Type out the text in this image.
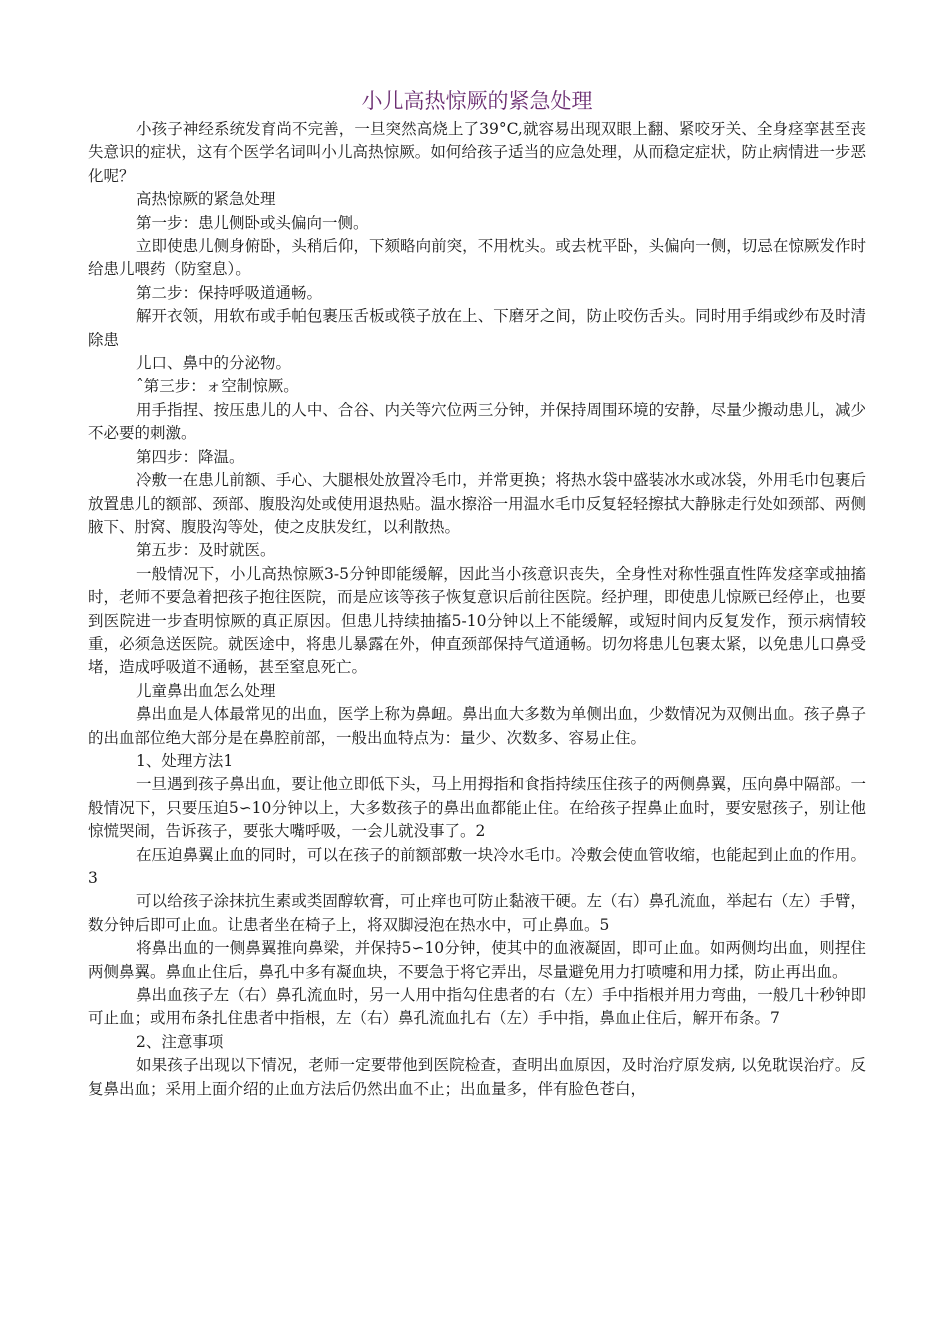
小儿高热惊厥的紧急处理

小孩子神经系统发育尚不完善，一旦突然高烧上了39°C,就容易出现双眼上翻、紧咬牙关、全身痉挛甚至丧失意识的症状，这有个医学名词叫小儿高热惊厥。如何给孩子适当的应急处理，从而稳定症状，防止病情进一步恶化呢？

高热惊厥的紧急处理

第一步：患儿侧卧或头偏向一侧。

立即使患儿侧身俯卧，头稍后仰，下颏略向前突，不用枕头。或去枕平卧，头偏向一侧，切忌在惊厥发作时给患儿喂药（防窒息）。

第二步：保持呼吸道通畅。

解开衣领，用软布或手帕包裹压舌板或筷子放在上、下磨牙之间，防止咬伤舌头。同时用手绢或纱布及时清除患

儿口、鼻中的分泌物。

ˆ第三步：ォ空制惊厥。

用手指捏、按压患儿的人中、合谷、内关等穴位两三分钟，并保持周围环境的安静，尽量少搬动患儿，减少不必要的刺激。

第四步：降温。

冷敷一在患儿前额、手心、大腿根处放置冷毛巾，并常更换；将热水袋中盛装冰水或冰袋，外用毛巾包裹后放置患儿的额部、颈部、腹股沟处或使用退热贴。温水擦浴一用温水毛巾反复轻轻擦拭大静脉走行处如颈部、两侧腋下、肘窝、腹股沟等处，使之皮肤发红，以利散热。

第五步：及时就医。

一般情况下，小儿高热惊厥3-5分钟即能缓解，因此当小孩意识丧失，全身性对称性强直性阵发痉挛或抽搐时，老师不要急着把孩子抱往医院，而是应该等孩子恢复意识后前往医院。经护理，即使患儿惊厥已经停止，也要到医院进一步查明惊厥的真正原因。但患儿持续抽搐5-10分钟以上不能缓解，或短时间内反复发作，预示病情较重，必须急送医院。就医途中，将患儿暴露在外，伸直颈部保持气道通畅。切勿将患儿包裹太紧，以免患儿口鼻受堵，造成呼吸道不通畅，甚至窒息死亡。

儿童鼻出血怎么处理

鼻出血是人体最常见的出血，医学上称为鼻衄。鼻出血大多数为单侧出血，少数情况为双侧出血。孩子鼻子的出血部位绝大部分是在鼻腔前部，一般出血特点为：量少、次数多、容易止住。

1、处理方法1

一旦遇到孩子鼻出血，要让他立即低下头，马上用拇指和食指持续压住孩子的两侧鼻翼，压向鼻中隔部。一般情况下，只要压迫5∽10分钟以上，大多数孩子的鼻出血都能止住。在给孩子捏鼻止血时，要安慰孩子，别让他惊慌哭闹，告诉孩子，要张大嘴呼吸，一会儿就没事了。2

在压迫鼻翼止血的同时，可以在孩子的前额部敷一块冷水毛巾。冷敷会使血管收缩，也能起到止血的作用。3

可以给孩子涂抹抗生素或类固醇软膏，可止痒也可防止黏液干硬。左（右）鼻孔流血，举起右（左）手臂，数分钟后即可止血。让患者坐在椅子上，将双脚浸泡在热水中，可止鼻血。5

将鼻出血的一侧鼻翼推向鼻梁，并保持5∽10分钟，使其中的血液凝固，即可止血。如两侧均出血，则捏住两侧鼻翼。鼻血止住后，鼻孔中多有凝血块，不要急于将它弄出，尽量避免用力打喷嚏和用力揉，防止再出血。

鼻出血孩子左（右）鼻孔流血时，另一人用中指勾住患者的右（左）手中指根并用力弯曲，一般几十秒钟即可止血；或用布条扎住患者中指根，左（右）鼻孔流血扎右（左）手中指，鼻血止住后，解开布条。7

2、注意事项

如果孩子出现以下情况，老师一定要带他到医院检查，查明出血原因，及时治疗原发病, 以免耽误治疗。反复鼻出血；采用上面介绍的止血方法后仍然出血不止；出血量多，伴有脸色苍白，
